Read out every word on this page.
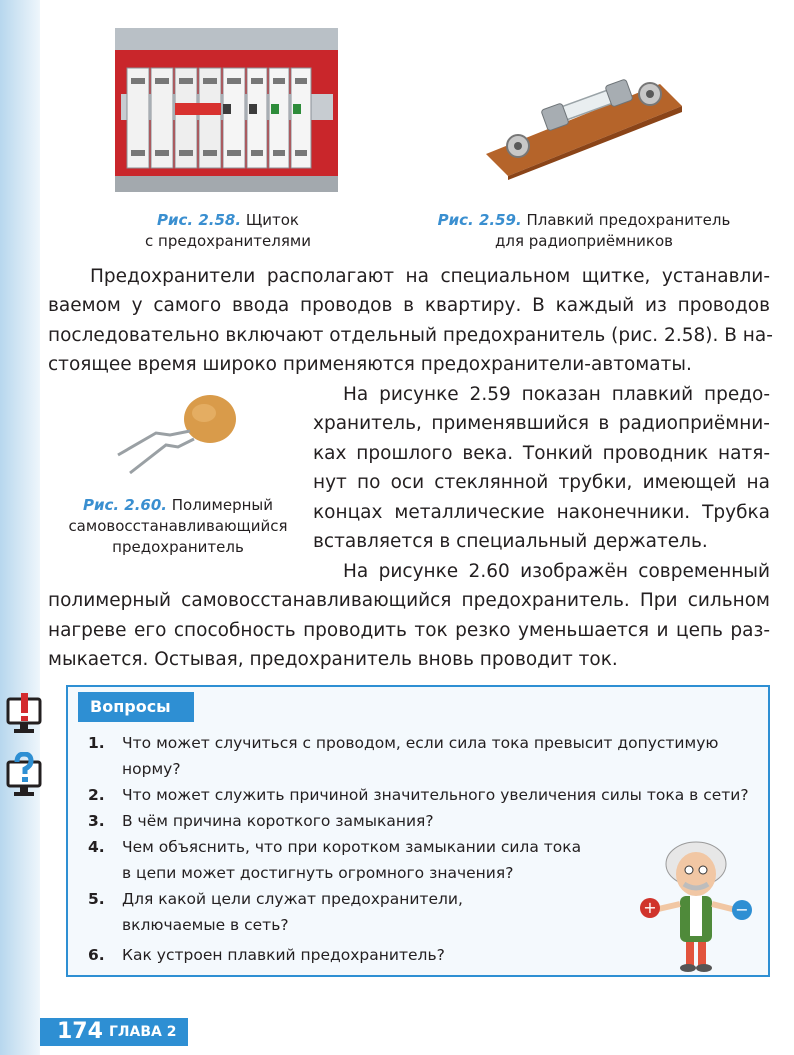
Рис. 2.58. Щиток
с предохранителями
Рис. 2.59. Плавкий предохранитель
для радиоприёмников
Предохранители располагают на специальном щитке, устанавли-
ваемом у самого ввода проводов в квартиру. В каждый из проводов
последовательно включают отдельный предохранитель (рис. 2.58). В на-
стоящее время широко применяются предохранители-автоматы.
Рис. 2.60. Полимерный
самовосстанавливающийся
предохранитель
На рисунке 2.59 показан плавкий предо-
хранитель, применявшийся в радиоприёмни-
ках прошлого века. Тонкий проводник натя-
нут по оси стеклянной трубки, имеющей на
концах металлические наконечники. Трубка
вставляется в специальный держатель.
На рисунке 2.60 изображён современный
полимерный самовосстанавливающийся предохранитель. При сильном
нагреве его способность проводить ток резко уменьшается и цепь раз-
мыкается. Остывая, предохранитель вновь проводит ток.
Вопросы
1.	Что может случиться с проводом, если сила тока превысит допустимую
норму?
2.	Что может служить причиной значительного увеличения силы тока в сети?
3.	В чём причина короткого замыкания?
4.	Чем объяснить, что при коротком замыкании сила тока
в цепи может достигнуть огромного значения?
5.	Для какой цели служат предохранители,
включаемые в сеть?
6.	Как устроен плавкий предохранитель?
+	−
174 ГЛАВА 2
